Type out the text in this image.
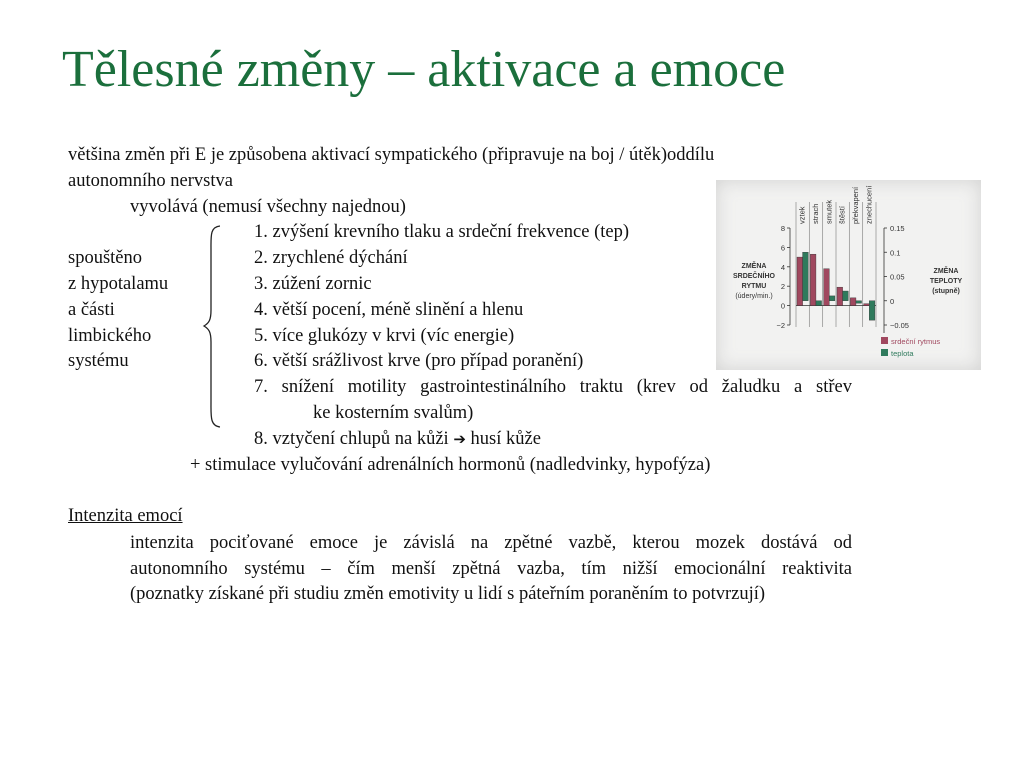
Tělesné změny – aktivace a emoce
většina změn při E je způsobena aktivací sympatického (připravuje na boj / útěk)oddílu
autonomního nervstva
vyvolává (nemusí všechny najednou)
spouštěno
z hypotalamu
a části
limbického
systému
1. zvýšení krevního tlaku a srdeční frekvence (tep)
2. zrychlené dýchání
3. zúžení zornic
4. větší pocení, méně slinění a hlenu
5. více glukózy v krvi (víc energie)
6. větší srážlivost krve (pro případ poranění)
7. snížení motility gastrointestinálního traktu (krev od žaludku a střev
ke kosterním svalům)
8. vztyčení chlupů na kůži ➔ husí kůže
+ stimulace vylučování adrenálních hormonů (nadledvinky, hypofýza)
Intenzita emocí
intenzita pociťované emoce je závislá na zpětné vazbě, kterou mozek dostává od
autonomního systému – čím menší zpětná vazba, tím nižší emocionální reaktivita
(poznatky získané při studiu změn emotivity u lidí s páteřním poraněním to potvrzují)
8
6
4
2
0
−2
0.15
0.1
0.05
0
−0.05
vztek strach smutek štěstí překvapení znechucení
ZMĚNA
SRDEČNÍHO
RYTMU
(údery/min.)
ZMĚNA
TEPLOTY
(stupně)
srdeční rytmus
teplota
